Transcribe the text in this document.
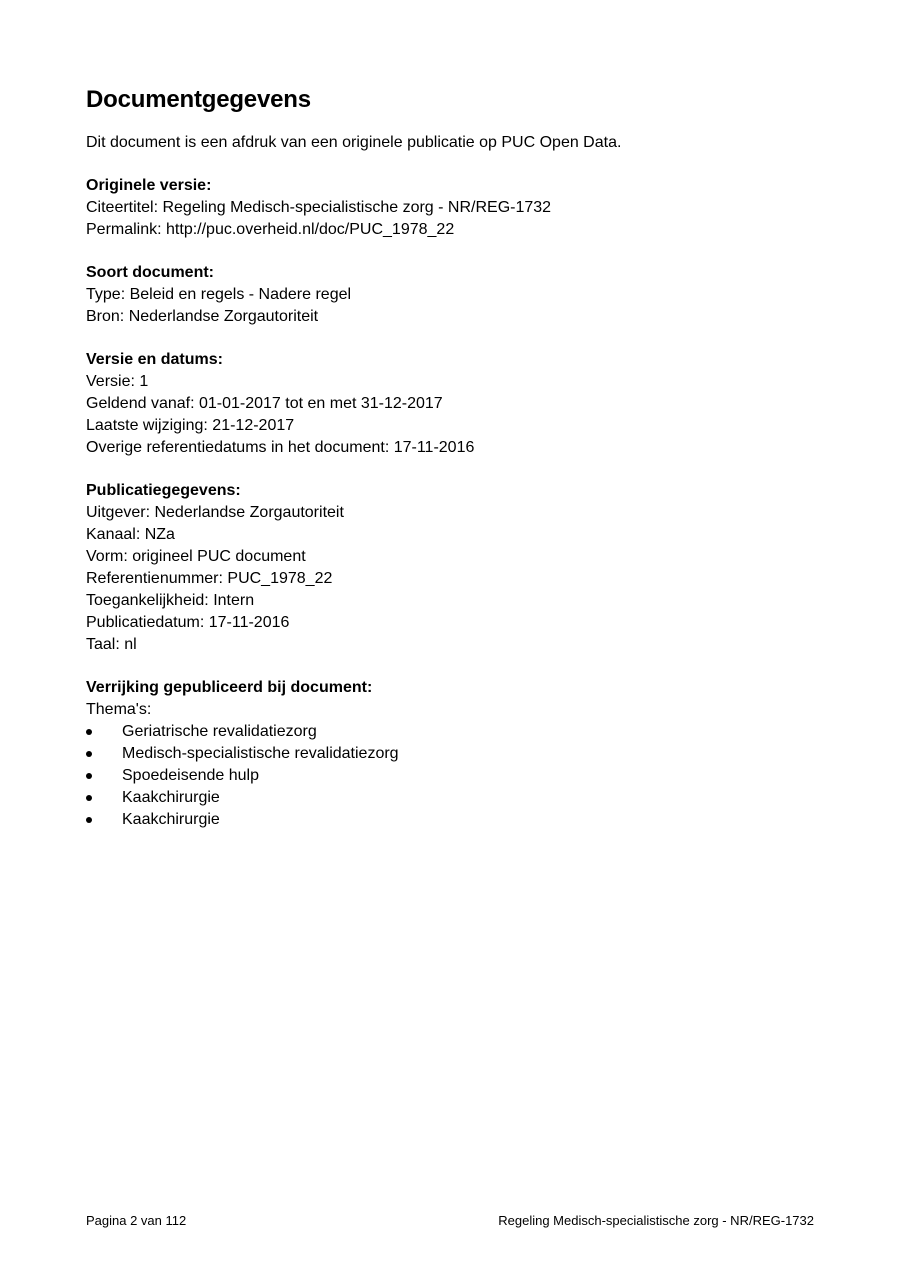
Documentgegevens
Dit document is een afdruk van een originele publicatie op PUC Open Data.
Originele versie:
Citeertitel: Regeling Medisch-specialistische zorg - NR/REG-1732
Permalink: http://puc.overheid.nl/doc/PUC_1978_22
Soort document:
Type: Beleid en regels - Nadere regel
Bron: Nederlandse Zorgautoriteit
Versie en datums:
Versie: 1
Geldend vanaf: 01-01-2017 tot en met 31-12-2017
Laatste wijziging: 21-12-2017
Overige referentiedatums in het document: 17-11-2016
Publicatiegegevens:
Uitgever: Nederlandse Zorgautoriteit
Kanaal: NZa
Vorm: origineel PUC document
Referentienummer: PUC_1978_22
Toegankelijkheid: Intern
Publicatiedatum: 17-11-2016
Taal: nl
Verrijking gepubliceerd bij document:
Thema's:
Geriatrische revalidatiezorg
Medisch-specialistische revalidatiezorg
Spoedeisende hulp
Kaakchirurgie
Kaakchirurgie
Pagina 2 van 112	Regeling Medisch-specialistische zorg - NR/REG-1732
